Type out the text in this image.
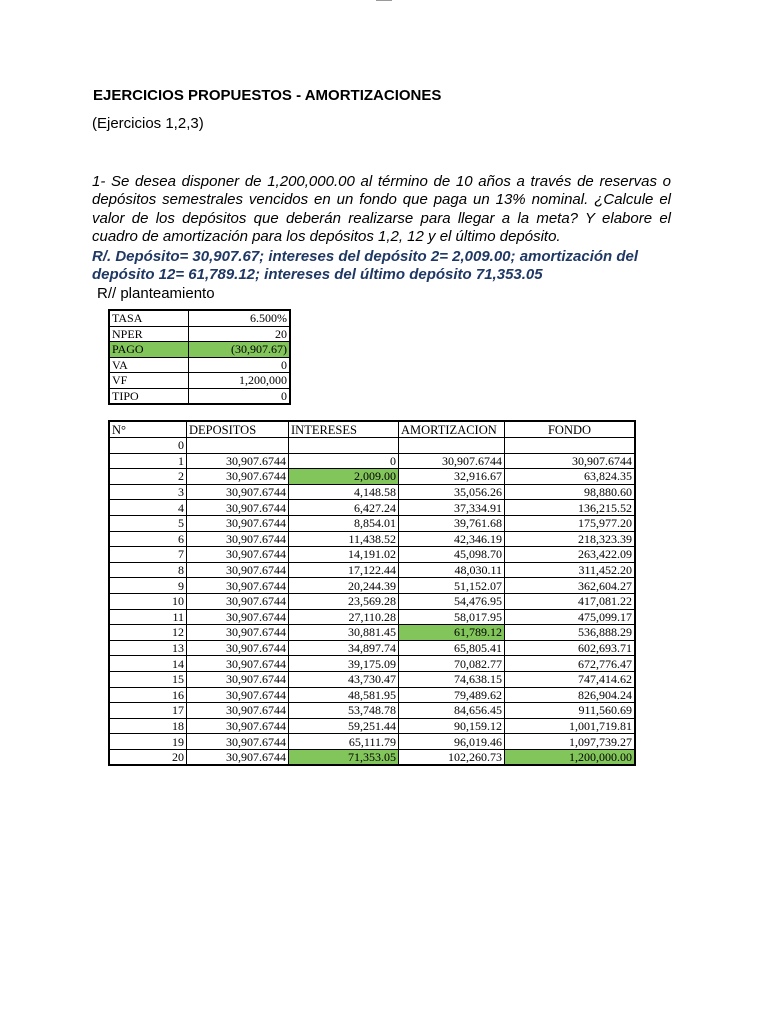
EJERCICIOS PROPUESTOS - AMORTIZACIONES
(Ejercicios 1,2,3)

1- Se desea disponer de 1,200,000.00 al término de 10 años a través de reservas o depósitos semestrales vencidos en un fondo que paga un 13% nominal. ¿Calcule el valor de los depósitos que deberán realizarse para llegar a la meta? Y elabore el cuadro de amortización para los depósitos 1,2, 12 y el último depósito.

R/. Depósito= 30,907.67; intereses del depósito 2= 2,009.00; amortización del depósito 12= 61,789.12; intereses del último depósito 71,353.05

R// planteamiento
TASA	6.500%
NPER	20
PAGO	(30,907.67)
VA	0
VF	1,200,000
TIPO	0
N°	DEPOSITOS	INTERESES	AMORTIZACION	FONDO
0				
1	30,907.6744	0	30,907.6744	30,907.6744
2	30,907.6744	2,009.00	32,916.67	63,824.35
3	30,907.6744	4,148.58	35,056.26	98,880.60
4	30,907.6744	6,427.24	37,334.91	136,215.52
5	30,907.6744	8,854.01	39,761.68	175,977.20
6	30,907.6744	11,438.52	42,346.19	218,323.39
7	30,907.6744	14,191.02	45,098.70	263,422.09
8	30,907.6744	17,122.44	48,030.11	311,452.20
9	30,907.6744	20,244.39	51,152.07	362,604.27
10	30,907.6744	23,569.28	54,476.95	417,081.22
11	30,907.6744	27,110.28	58,017.95	475,099.17
12	30,907.6744	30,881.45	61,789.12	536,888.29
13	30,907.6744	34,897.74	65,805.41	602,693.71
14	30,907.6744	39,175.09	70,082.77	672,776.47
15	30,907.6744	43,730.47	74,638.15	747,414.62
16	30,907.6744	48,581.95	79,489.62	826,904.24
17	30,907.6744	53,748.78	84,656.45	911,560.69
18	30,907.6744	59,251.44	90,159.12	1,001,719.81
19	30,907.6744	65,111.79	96,019.46	1,097,739.27
20	30,907.6744	71,353.05	102,260.73	1,200,000.00
